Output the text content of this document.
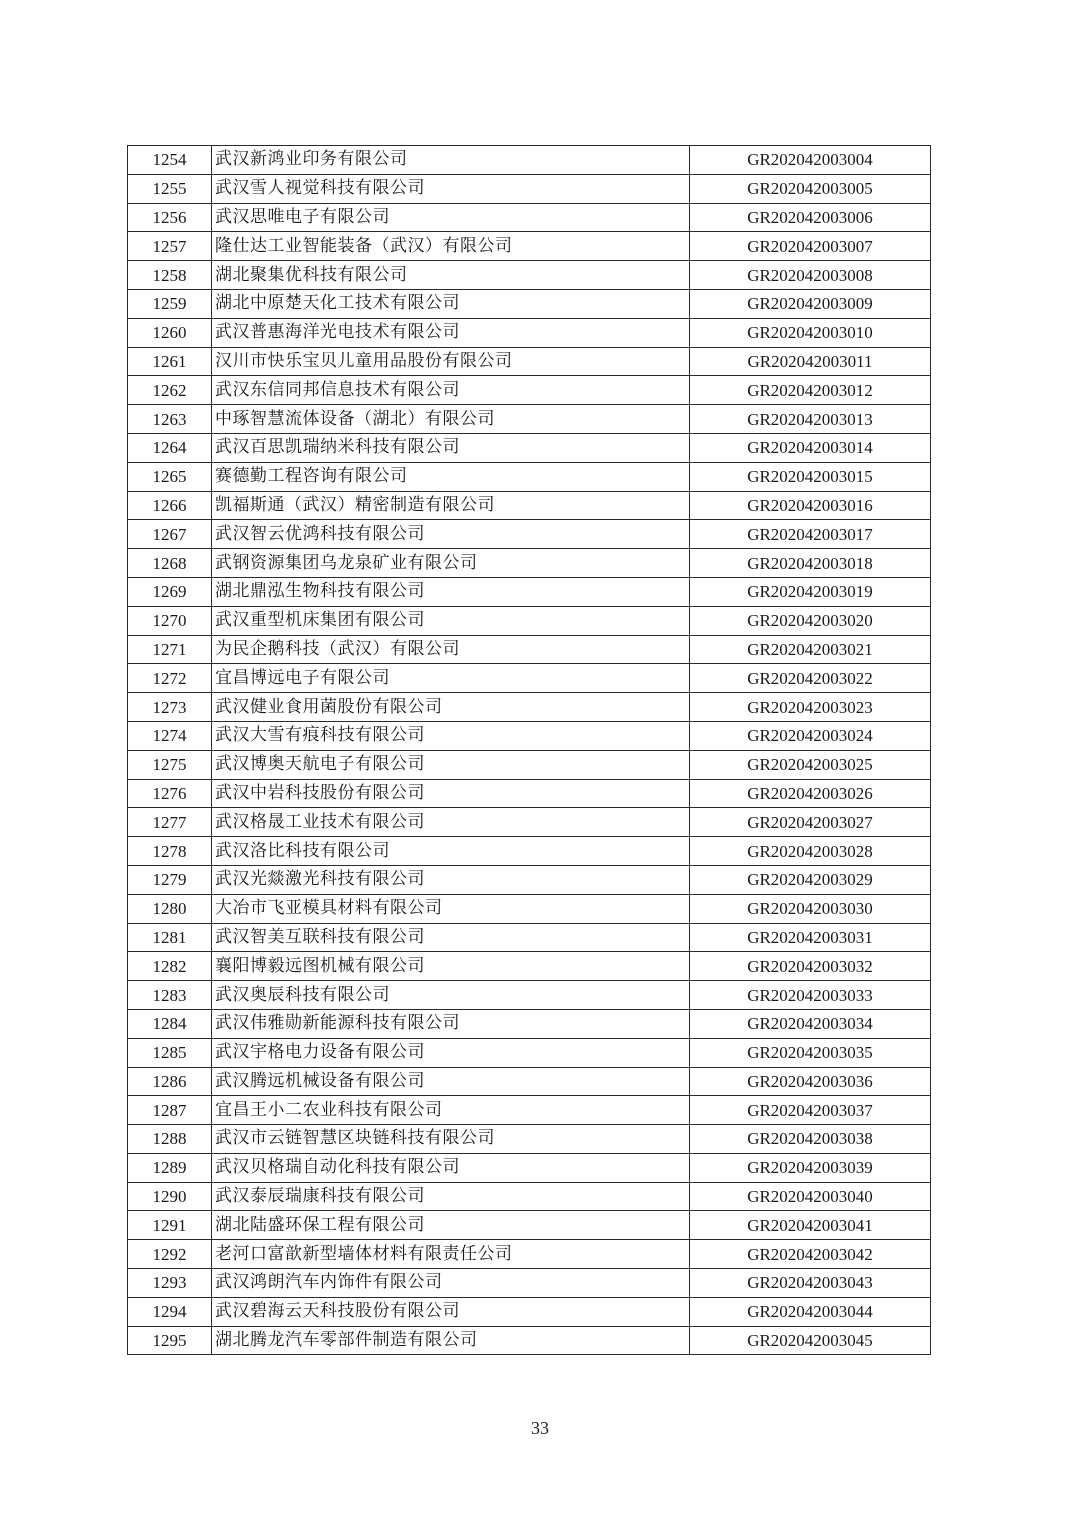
1254	武汉新鸿业印务有限公司	GR202042003004
1255	武汉雪人视觉科技有限公司	GR202042003005
1256	武汉思唯电子有限公司	GR202042003006
1257	隆仕达工业智能装备（武汉）有限公司	GR202042003007
1258	湖北聚集优科技有限公司	GR202042003008
1259	湖北中原楚天化工技术有限公司	GR202042003009
1260	武汉普惠海洋光电技术有限公司	GR202042003010
1261	汉川市快乐宝贝儿童用品股份有限公司	GR202042003011
1262	武汉东信同邦信息技术有限公司	GR202042003012
1263	中琢智慧流体设备（湖北）有限公司	GR202042003013
1264	武汉百思凯瑞纳米科技有限公司	GR202042003014
1265	赛德勤工程咨询有限公司	GR202042003015
1266	凯福斯通（武汉）精密制造有限公司	GR202042003016
1267	武汉智云优鸿科技有限公司	GR202042003017
1268	武钢资源集团乌龙泉矿业有限公司	GR202042003018
1269	湖北鼎泓生物科技有限公司	GR202042003019
1270	武汉重型机床集团有限公司	GR202042003020
1271	为民企鹅科技（武汉）有限公司	GR202042003021
1272	宜昌博远电子有限公司	GR202042003022
1273	武汉健业食用菌股份有限公司	GR202042003023
1274	武汉大雪有痕科技有限公司	GR202042003024
1275	武汉博奥天航电子有限公司	GR202042003025
1276	武汉中岩科技股份有限公司	GR202042003026
1277	武汉格晟工业技术有限公司	GR202042003027
1278	武汉洛比科技有限公司	GR202042003028
1279	武汉光燚激光科技有限公司	GR202042003029
1280	大冶市飞亚模具材料有限公司	GR202042003030
1281	武汉智美互联科技有限公司	GR202042003031
1282	襄阳博毅远图机械有限公司	GR202042003032
1283	武汉奥辰科技有限公司	GR202042003033
1284	武汉伟雅勋新能源科技有限公司	GR202042003034
1285	武汉宇格电力设备有限公司	GR202042003035
1286	武汉腾远机械设备有限公司	GR202042003036
1287	宜昌王小二农业科技有限公司	GR202042003037
1288	武汉市云链智慧区块链科技有限公司	GR202042003038
1289	武汉贝格瑞自动化科技有限公司	GR202042003039
1290	武汉泰辰瑞康科技有限公司	GR202042003040
1291	湖北陆盛环保工程有限公司	GR202042003041
1292	老河口富歆新型墙体材料有限责任公司	GR202042003042
1293	武汉鸿朗汽车内饰件有限公司	GR202042003043
1294	武汉碧海云天科技股份有限公司	GR202042003044
1295	湖北腾龙汽车零部件制造有限公司	GR202042003045
33
